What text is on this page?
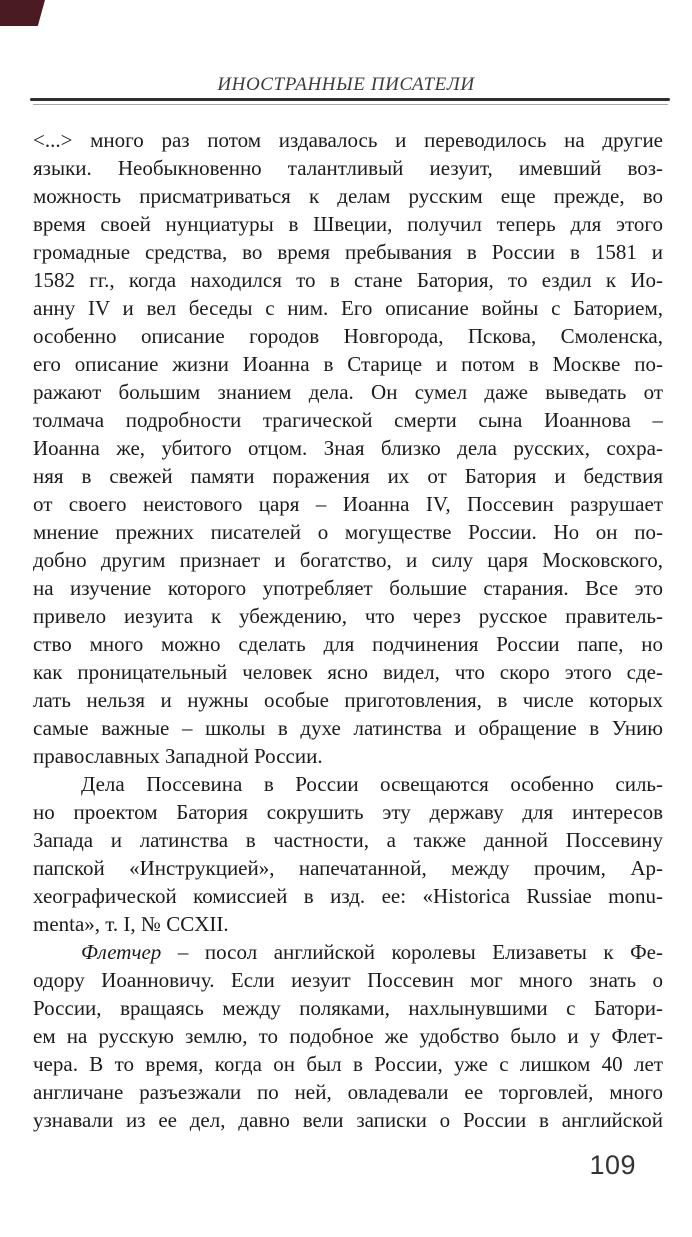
ИНОСТРАННЫЕ ПИСАТЕЛИ
<...> много раз потом издавалось и переводилось на другие
языки. Необыкновенно талантливый иезуит, имевший воз-
можность присматриваться к делам русским еще прежде, во
время своей нунциатуры в Швеции, получил теперь для этого
громадные средства, во время пребывания в России в 1581 и
1582 гг., когда находился то в стане Батория, то ездил к Ио-
анну IV и вел беседы с ним. Его описание войны с Баторием,
особенно описание городов Новгорода, Пскова, Смоленска,
его описание жизни Иоанна в Старице и потом в Москве по-
ражают большим знанием дела. Он сумел даже выведать от
толмача подробности трагической смерти сына Иоаннова –
Иоанна же, убитого отцом. Зная близко дела русских, сохра-
няя в свежей памяти поражения их от Батория и бедствия
от своего неистового царя – Иоанна IV, Поссевин разрушает
мнение прежних писателей о могуществе России. Но он по-
добно другим признает и богатство, и силу царя Московского,
на изучение которого употребляет большие старания. Все это
привело иезуита к убеждению, что через русское правитель-
ство много можно сделать для подчинения России папе, но
как проницательный человек ясно видел, что скоро этого сде-
лать нельзя и нужны особые приготовления, в числе которых
самые важные – школы в духе латинства и обращение в Унию
православных Западной России.
Дела Поссевина в России освещаются особенно силь-
но проектом Батория сокрушить эту державу для интересов
Запада и латинства в частности, а также данной Поссевину
папской «Инструкцией», напечатанной, между прочим, Ар-
хеографической комиссией в изд. ее: «Historica Russiae monu-
menta», т. I, № CCXII.
Флетчер – посол английской королевы Елизаветы к Фе-
одору Иоанновичу. Если иезуит Поссевин мог много знать о
России, вращаясь между поляками, нахлынувшими с Батори-
ем на русскую землю, то подобное же удобство было и у Флет-
чера. В то время, когда он был в России, уже с лишком 40 лет
англичане разъезжали по ней, овладевали ее торговлей, много
узнавали из ее дел, давно вели записки о России в английской
109
